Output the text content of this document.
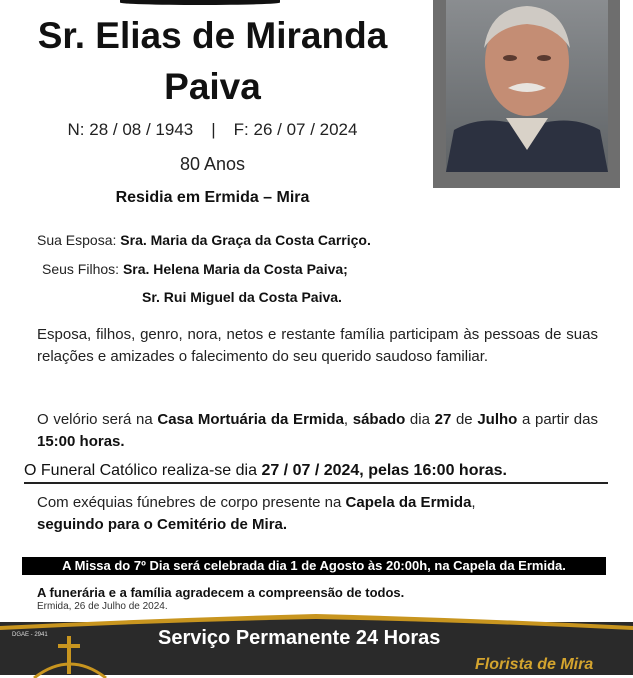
Sr. Elias de Miranda
Paiva
N: 28 / 08 / 1943 | F: 26 / 07 / 2024
80 Anos
Residia em Ermida – Mira
Sua Esposa: Sra. Maria da Graça da Costa Carriço.
Seus Filhos: Sra. Helena Maria da Costa Paiva;
Sr. Rui Miguel da Costa Paiva.
Esposa, filhos, genro, nora, netos e restante família participam às pessoas de suas relações e amizades o falecimento do seu querido saudoso familiar.
O velório será na Casa Mortuária da Ermida, sábado dia 27 de Julho a partir das 15:00 horas.
O Funeral Católico realiza-se dia 27 / 07 / 2024, pelas 16:00 horas.
Com exéquias fúnebres de corpo presente na Capela da Ermida,
seguindo para o Cemitério de Mira.
A Missa do 7º Dia será celebrada dia 1 de Agosto às 20:00h, na Capela da Ermida.
A funerária e a família agradecem a compreensão de todos.
Ermida, 26 de Julho de 2024.
DGAE - 2941	Serviço Permanente 24 Horas
Florista de Mira
